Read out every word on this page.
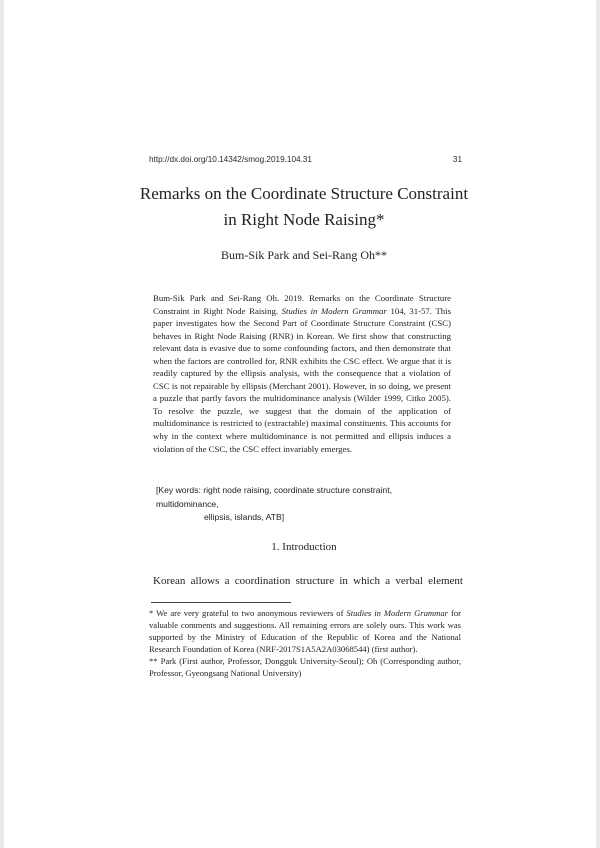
http://dx.doi.org/10.14342/smog.2019.104.31	31
Remarks on the Coordinate Structure Constraint
in Right Node Raising*
Bum-Sik Park and Sei-Rang Oh**
Bum-Sik Park and Sei-Rang Oh. 2019. Remarks on the Coordinate Structure Constraint in Right Node Raising. Studies in Modern Grammar 104, 31-57. This paper investigates how the Second Part of Coordinate Structure Constraint (CSC) behaves in Right Node Raising (RNR) in Korean. We first show that constructing relevant data is evasive due to some confounding factors, and then demonstrate that when the factors are controlled for, RNR exhibits the CSC effect. We argue that it is readily captured by the ellipsis analysis, with the consequence that a violation of CSC is not repairable by ellipsis (Merchant 2001). However, in so doing, we present a puzzle that partly favors the multidominance analysis (Wilder 1999, Citko 2005). To resolve the puzzle, we suggest that the domain of the application of multidominance is restricted to (extractable) maximal constituents. This accounts for why in the context where multidominance is not permitted and ellipsis induces a violation of the CSC, the CSC effect invariably emerges.
[Key words: right node raising, coordinate structure constraint, multidominance,
ellipsis, islands, ATB]
1. Introduction
Korean allows a coordination structure in which a verbal element

* We are very grateful to two anonymous reviewers of Studies in Modern Grammar for valuable comments and suggestions. All remaining errors are solely ours. This work was supported by the Ministry of Education of the Republic of Korea and the National Research Foundation of Korea (NRF-2017S1A5A2A03068544) (first author).

** Park (First author, Professor, Dongguk University-Seoul); Oh (Corresponding author, Professor, Gyeongsang National University)
